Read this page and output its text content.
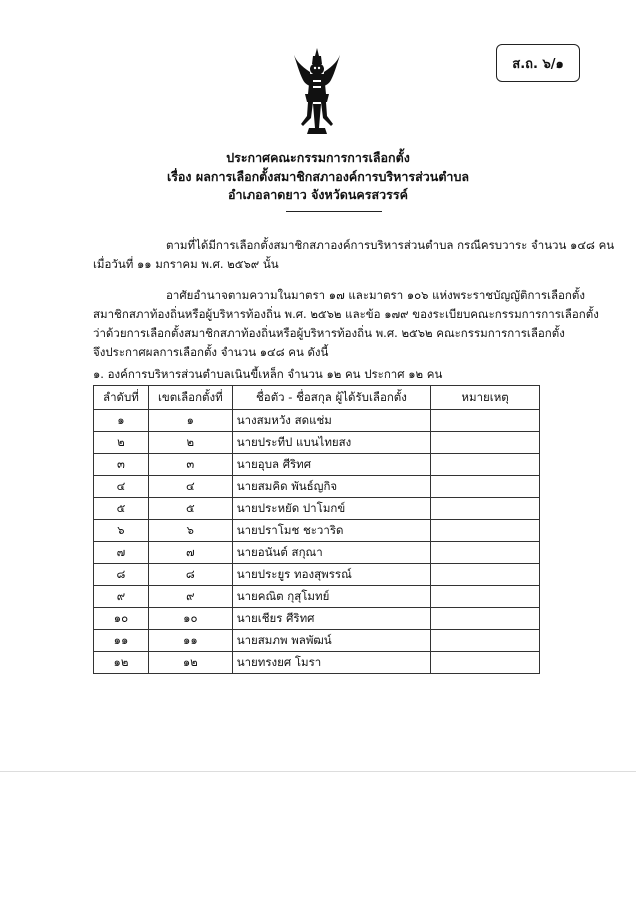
ส.ถ. ๖/๑
ประกาศคณะกรรมการการเลือกตั้ง
เรื่อง ผลการเลือกตั้งสมาชิกสภาองค์การบริหารส่วนตำบล
อำเภอลาดยาว จังหวัดนครสวรรค์
ตามที่ได้มีการเลือกตั้งสมาชิกสภาองค์การบริหารส่วนตำบล กรณีครบวาระ จำนวน ๑๔๘ คน
เมื่อวันที่ ๑๑ มกราคม พ.ศ. ๒๕๖๙ นั้น
อาศัยอำนาจตามความในมาตรา ๑๗ และมาตรา ๑๐๖ แห่งพระราชบัญญัติการเลือกตั้ง
สมาชิกสภาท้องถิ่นหรือผู้บริหารท้องถิ่น พ.ศ. ๒๕๖๒ และข้อ ๑๗๙ ของระเบียบคณะกรรมการการเลือกตั้ง
ว่าด้วยการเลือกตั้งสมาชิกสภาท้องถิ่นหรือผู้บริหารท้องถิ่น พ.ศ. ๒๕๖๒ คณะกรรมการการเลือกตั้ง
จึงประกาศผลการเลือกตั้ง จำนวน ๑๔๘ คน ดังนี้
๑. องค์การบริหารส่วนตำบลเนินขี้เหล็ก จำนวน ๑๒ คน ประกาศ ๑๒ คน
ลำดับที่	เขตเลือกตั้งที่	ชื่อตัว - ชื่อสกุล ผู้ได้รับเลือกตั้ง	หมายเหตุ
๑	๑	นางสมหวัง สดแช่ม	
๒	๒	นายประทีป แบนไทยสง	
๓	๓	นายอุบล ศีริทศ	
๔	๔	นายสมคิด พันธ์ญกิจ	
๕	๕	นายประหยัด ปาโมกข์	
๖	๖	นายปราโมช ชะวาริด	
๗	๗	นายอนันต์ สกุณา	
๘	๘	นายประยูร ทองสุพรรณ์	
๙	๙	นายคณิต กุสุโมทย์	
๑๐	๑๐	นายเชียร ศีริทศ	
๑๑	๑๑	นายสมภพ พลพัฒน์	
๑๒	๑๒	นายทรงยศ โมรา	
